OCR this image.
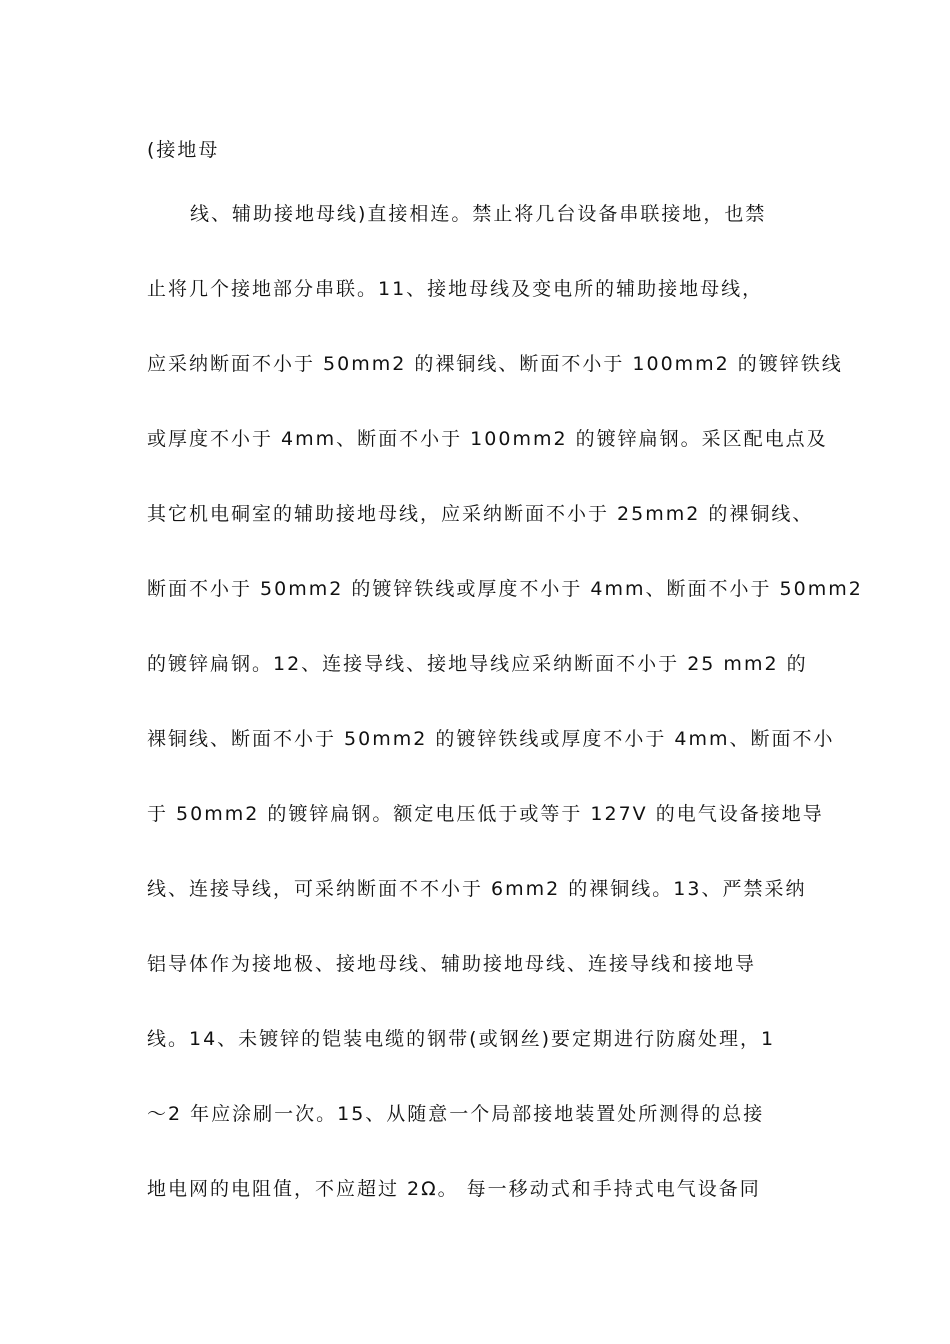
(接地母
线、辅助接地母线)直接相连。禁止将几台设备串联接地，也禁
止将几个接地部分串联。11、接地母线及变电所的辅助接地母线，
应采纳断面不小于 50mm2 的裸铜线、断面不小于 100mm2 的镀锌铁线
或厚度不小于 4mm、断面不小于 100mm2 的镀锌扁钢。采区配电点及
其它机电硐室的辅助接地母线，应采纳断面不小于 25mm2 的裸铜线、
断面不小于 50mm2 的镀锌铁线或厚度不小于 4mm、断面不小于 50mm2
的镀锌扁钢。12、连接导线、接地导线应采纳断面不小于 25 mm2 的
裸铜线、断面不小于 50mm2 的镀锌铁线或厚度不小于 4mm、断面不小
于 50mm2 的镀锌扁钢。额定电压低于或等于 127V 的电气设备接地导
线、连接导线，可采纳断面不不小于 6mm2 的裸铜线。13、严禁采纳
铝导体作为接地极、接地母线、辅助接地母线、连接导线和接地导
线。14、未镀锌的铠装电缆的钢带(或钢丝)要定期进行防腐处理，1
～2 年应涂刷一次。15、从随意一个局部接地装置处所测得的总接
地电网的电阻值，不应超过 2Ω。 每一移动式和手持式电气设备同
